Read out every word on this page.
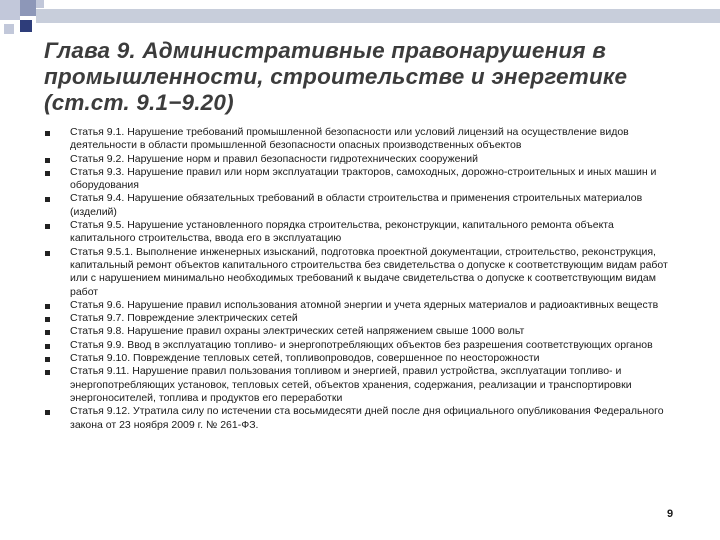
Глава 9. Административные правонарушения в промышленности, строительстве и энергетике (ст.ст. 9.1−9.20)
Статья 9.1. Нарушение требований промышленной безопасности или условий лицензий на осуществление видов деятельности в области промышленной безопасности опасных производственных объектов
Статья 9.2. Нарушение норм и правил безопасности гидротехнических сооружений
Статья 9.3. Нарушение правил или норм эксплуатации тракторов, самоходных, дорожно-строительных и иных машин и оборудования
Статья 9.4. Нарушение обязательных требований в области строительства и применения строительных материалов (изделий)
Статья 9.5. Нарушение установленного порядка строительства, реконструкции, капитального ремонта объекта капитального строительства, ввода его в эксплуатацию
Статья 9.5.1. Выполнение инженерных изысканий, подготовка проектной документации, строительство, реконструкция, капитальный ремонт объектов капитального строительства без свидетельства о допуске к соответствующим видам работ или с нарушением минимально необходимых требований к выдаче свидетельства о допуске к соответствующим видам работ
Статья 9.6. Нарушение правил использования атомной энергии и учета ядерных материалов и радиоактивных веществ
Статья 9.7. Повреждение электрических сетей
Статья 9.8. Нарушение правил охраны электрических сетей напряжением свыше 1000 вольт
Статья 9.9. Ввод в эксплуатацию топливо- и энергопотребляющих объектов без разрешения соответствующих органов
Статья 9.10. Повреждение тепловых сетей, топливопроводов, совершенное по неосторожности
Статья 9.11. Нарушение правил пользования топливом и энергией, правил устройства, эксплуатации топливо- и энергопотребляющих установок, тепловых сетей, объектов хранения, содержания, реализации и транспортировки энергоносителей, топлива и продуктов его переработки
Статья 9.12. Утратила силу по истечении ста восьмидесяти дней после дня официального опубликования Федерального закона от 23 ноября 2009 г. № 261-ФЗ.
9
